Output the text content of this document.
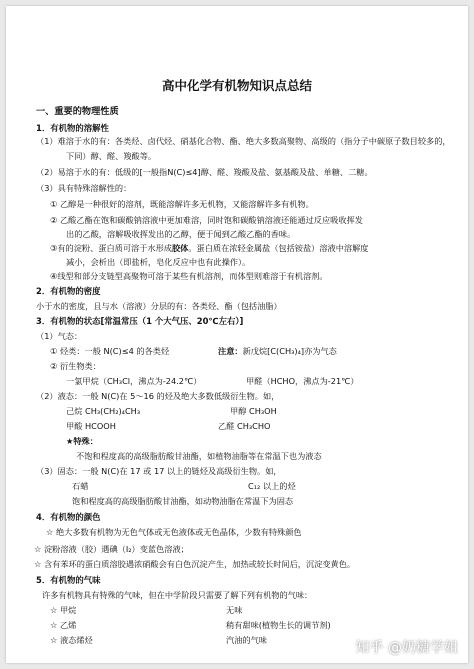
高中化学有机物知识点总结
一、重要的物理性质
1．有机物的溶解性
（1）难溶于水的有：各类烃、卤代烃、硝基化合物、酯、绝大多数高聚物、高级的（指分子中碳原子数目较多的，
下同）醇、醛、羧酸等。
（2）易溶于水的有：低级的[一般指N(C)≤4]醇、醛、羧酸及盐、氨基酸及盐、单糖、二糖。
（3）具有特殊溶解性的：
① 乙醇是一种很好的溶剂，既能溶解许多无机物，又能溶解许多有机物。
② 乙酸乙酯在饱和碳酸钠溶液中更加难溶，同时饱和碳酸钠溶液还能通过反应吸收挥发
出的乙酸，溶解吸收挥发出的乙醇，便于闻到乙酸乙酯的香味。
③有的淀粉、蛋白质可溶于水形成胶体。蛋白质在浓轻金属盐（包括铵盐）溶液中溶解度
减小，会析出（即盐析，皂化反应中也有此操作）。
④线型和部分支链型高聚物可溶于某些有机溶剂，而体型则难溶于有机溶剂。
2．有机物的密度
小于水的密度，且与水（溶液）分层的有：各类烃、酯（包括油脂）
3．有机物的状态[常温常压（1 个大气压、20℃左右）]
（1）气态：
① 烃类：一般 N(C)≤4 的各类烃	注意：新戊烷[C(CH₃)₄]亦为气态
② 衍生物类：
一氯甲烷（CH₃Cl，沸点为-24.2℃）	甲醛（HCHO，沸点为-21℃）
（2）液态：一般 N(C)在 5～16 的烃及绝大多数低级衍生物。如，
己烷 CH₃(CH₂)₄CH₃	甲醇 CH₃OH
甲酸 HCOOH	乙醛 CH₃CHO
★特殊：
不饱和程度高的高级脂肪酸甘油酯，如植物油脂等在常温下也为液态
（3）固态：一般 N(C)在 17 或 17 以上的链烃及高级衍生物。如，
石蜡	C₁₂ 以上的烃
饱和程度高的高级脂肪酸甘油酯，如动物油脂在常温下为固态
4．有机物的颜色
☆ 绝大多数有机物为无色气体或无色液体或无色晶体，少数有特殊颜色
☆ 淀粉溶液（胶）遇碘（I₂）变蓝色溶液；
☆ 含有苯环的蛋白质溶胶遇浓硝酸会有白色沉淀产生，加热或较长时间后，沉淀变黄色。
5．有机物的气味
许多有机物具有特殊的气味，但在中学阶段只需要了解下列有机物的气味：
☆ 甲烷	无味
☆ 乙烯	稍有甜味(植物生长的调节剂)
☆ 液态烯烃	汽油的气味	知乎 @奶糖学姐
